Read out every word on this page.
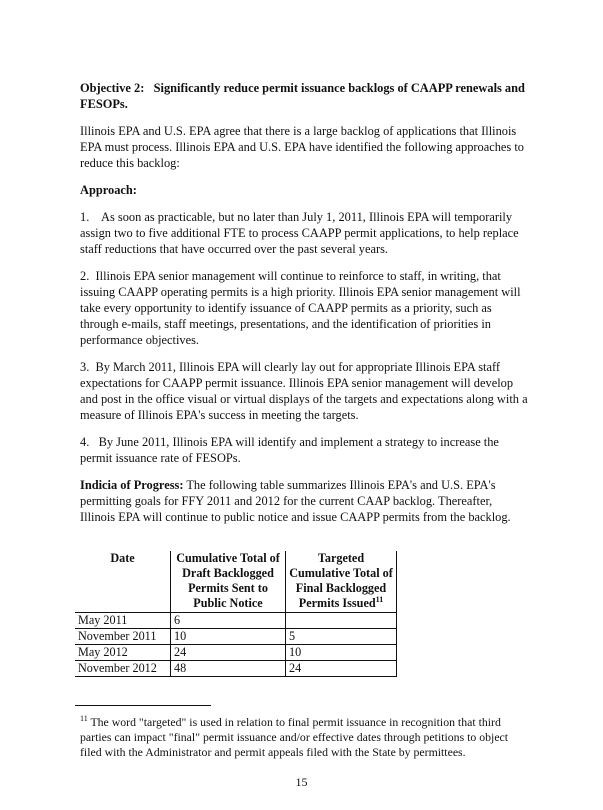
Objective 2: Significantly reduce permit issuance backlogs of CAAPP renewals and FESOPs.

Illinois EPA and U.S. EPA agree that there is a large backlog of applications that Illinois EPA must process. Illinois EPA and U.S. EPA have identified the following approaches to reduce this backlog:

Approach:

1. As soon as practicable, but no later than July 1, 2011, Illinois EPA will temporarily assign two to five additional FTE to process CAAPP permit applications, to help replace staff reductions that have occurred over the past several years.

2. Illinois EPA senior management will continue to reinforce to staff, in writing, that issuing CAAPP operating permits is a high priority. Illinois EPA senior management will take every opportunity to identify issuance of CAAPP permits as a priority, such as through e-mails, staff meetings, presentations, and the identification of priorities in performance objectives.

3. By March 2011, Illinois EPA will clearly lay out for appropriate Illinois EPA staff expectations for CAAPP permit issuance. Illinois EPA senior management will develop and post in the office visual or virtual displays of the targets and expectations along with a measure of Illinois EPA's success in meeting the targets.

4. By June 2011, Illinois EPA will identify and implement a strategy to increase the permit issuance rate of FESOPs.

Indicia of Progress: The following table summarizes Illinois EPA's and U.S. EPA's permitting goals for FFY 2011 and 2012 for the current CAAP backlog. Thereafter, Illinois EPA will continue to public notice and issue CAAPP permits from the backlog.

Date	Cumulative Total of Draft Backlogged Permits Sent to Public Notice	Targeted Cumulative Total of Final Backlogged Permits Issued$^{11}$
May 2011	6	
November 2011	10	5
May 2012	24	10
November 2012	48	24

$^{11}$ The word "targeted" is used in relation to final permit issuance in recognition that third parties can impact "final" permit issuance and/or effective dates through petitions to object filed with the Administrator and permit appeals filed with the State by permittees.

15
